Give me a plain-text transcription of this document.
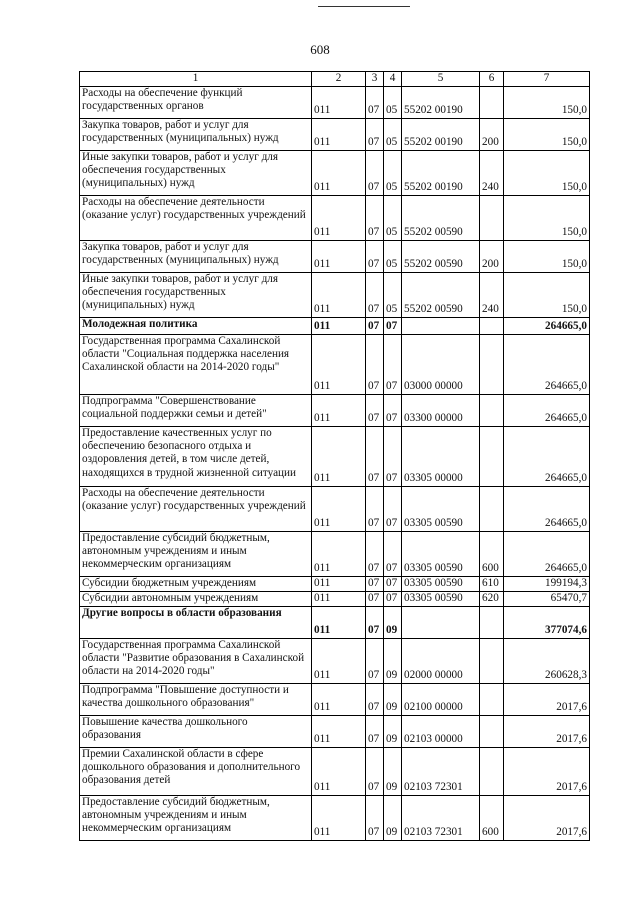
608
1	2	3	4	5	6	7
Расходы на обеспечение функций государственных органов	011	07	05	55202 00190		150,0
Закупка товаров, работ и услуг для государственных (муниципальных) нужд	011	07	05	55202 00190	200	150,0
Иные закупки товаров, работ и услуг для обеспечения государственных (муниципальных) нужд	011	07	05	55202 00190	240	150,0
Расходы на обеспечение деятельности (оказание услуг) государственных учреждений	011	07	05	55202 00590		150,0
Закупка товаров, работ и услуг для государственных (муниципальных) нужд	011	07	05	55202 00590	200	150,0
Иные закупки товаров, работ и услуг для обеспечения государственных (муниципальных) нужд	011	07	05	55202 00590	240	150,0
Молодежная политика	011	07	07			264665,0
Государственная программа Сахалинской области "Социальная поддержка населения Сахалинской области на 2014-2020 годы"	011	07	07	03000 00000		264665,0
Подпрограмма "Совершенствование социальной поддержки семьи и детей"	011	07	07	03300 00000		264665,0
Предоставление качественных услуг по обеспечению безопасного отдыха и оздоровления детей, в том числе детей, находящихся в трудной жизненной ситуации	011	07	07	03305 00000		264665,0
Расходы на обеспечение деятельности (оказание услуг) государственных учреждений	011	07	07	03305 00590		264665,0
Предоставление субсидий бюджетным, автономным учреждениям и иным некоммерческим организациям	011	07	07	03305 00590	600	264665,0
Субсидии бюджетным учреждениям	011	07	07	03305 00590	610	199194,3
Субсидии автономным учреждениям	011	07	07	03305 00590	620	65470,7
Другие вопросы в области образования	011	07	09			377074,6
Государственная программа Сахалинской области "Развитие образования в Сахалинской области на 2014-2020 годы"	011	07	09	02000 00000		260628,3
Подпрограмма "Повышение доступности и качества дошкольного образования"	011	07	09	02100 00000		2017,6
Повышение качества дошкольного образования	011	07	09	02103 00000		2017,6
Премии Сахалинской области в сфере дошкольного образования и дополнительного образования детей	011	07	09	02103 72301		2017,6
Предоставление субсидий бюджетным, автономным учреждениям и иным некоммерческим организациям	011	07	09	02103 72301	600	2017,6
